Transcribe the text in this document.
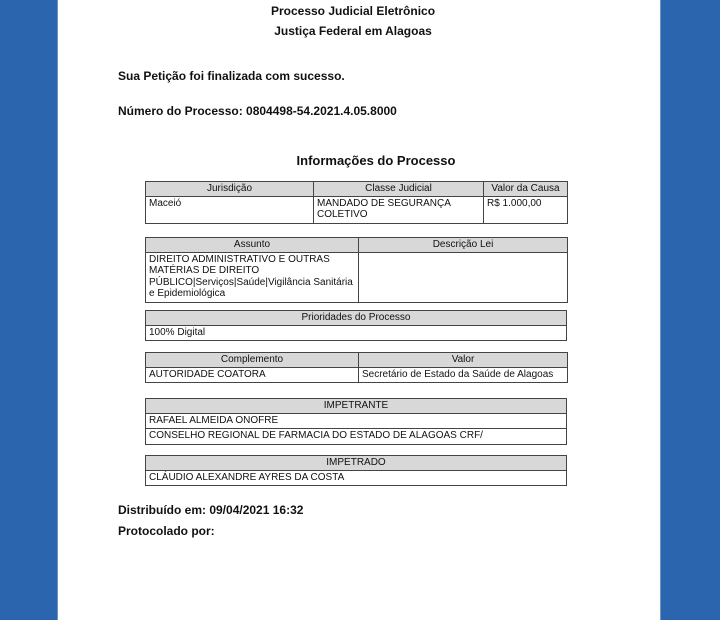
Processo Judicial Eletrônico
Justiça Federal em Alagoas
Sua Petição foi finalizada com sucesso.
Número do Processo: 0804498-54.2021.4.05.8000
Informações do Processo
Jurisdição	Classe Judicial	Valor da Causa
Maceió	MANDADO DE SEGURANÇA COLETIVO	R$ 1.000,00
Assunto	Descrição Lei
DIREITO ADMINISTRATIVO E OUTRAS MATÉRIAS DE DIREITO PÚBLICO|Serviços|Saúde|Vigilância Sanitária e Epidemiológica	
Prioridades do Processo
100% Digital
Complemento	Valor
AUTORIDADE COATORA	Secretário de Estado da Saúde de Alagoas
IMPETRANTE
RAFAEL ALMEIDA ONOFRE
CONSELHO REGIONAL DE FARMACIA DO ESTADO DE ALAGOAS CRF/
IMPETRADO
CLÁUDIO ALEXANDRE AYRES DA COSTA
Distribuído em: 09/04/2021 16:32
Protocolado por:
